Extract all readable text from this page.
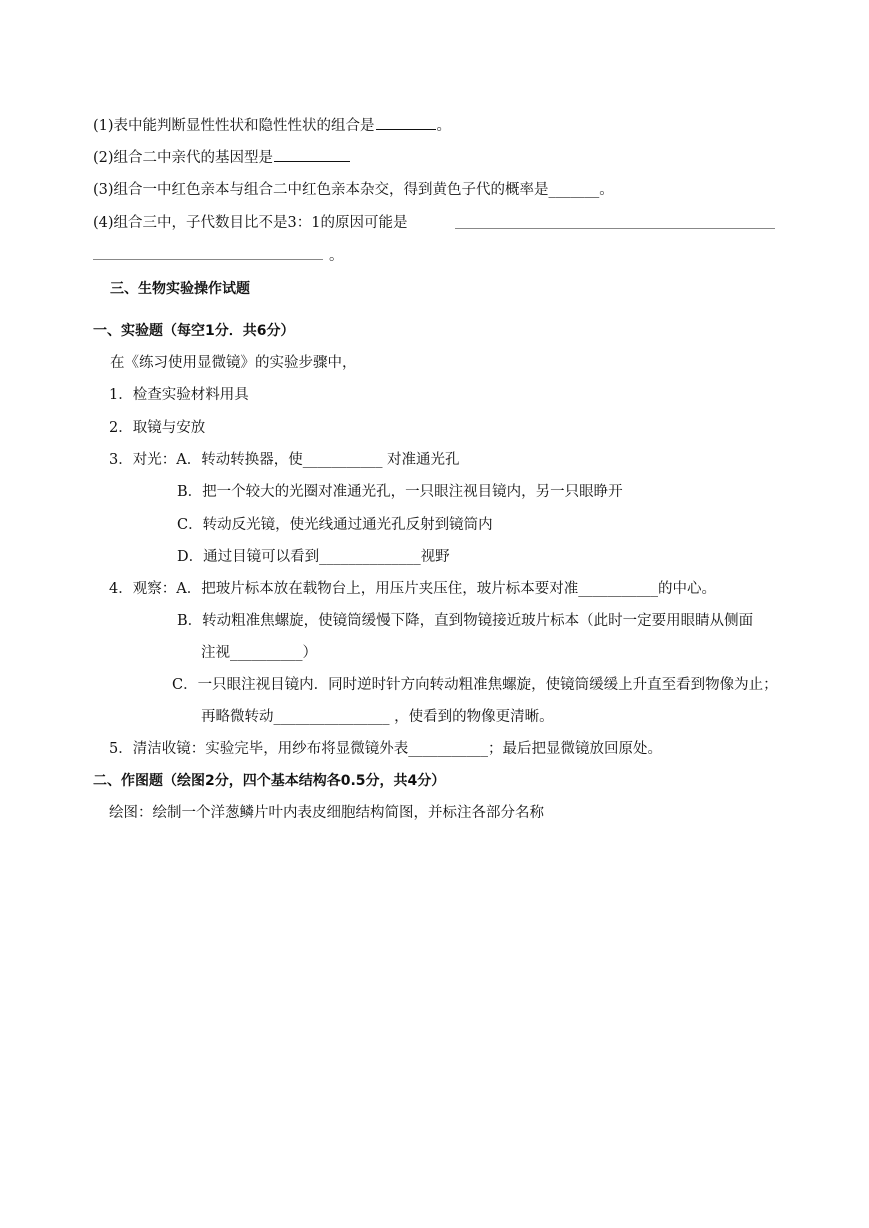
(1)表中能判断显性性状和隐性性状的组合是	。
(2)组合二中亲代的基因型是
(3)组合一中红色亲本与组合二中红色亲本杂交，得到黄色子代的概率是_______。
(4)组合三中，子代数目比不是3：1的原因可能是
。
三、生物实验操作试题
一、实验题（每空1分．共6分）
在《练习使用显微镜》的实验步骤中，
1．检查实验材料用具
2．取镜与安放
3．对光：A．转动转换器，使___________ 对准通光孔
B．把一个较大的光圈对准通光孔，一只眼注视目镜内，另一只眼睁开
C．转动反光镜，使光线通过通光孔反射到镜筒内
D．通过目镜可以看到______________视野
4．观察：A．把玻片标本放在载物台上，用压片夹压住，玻片标本要对准___________的中心。
B．转动粗准焦螺旋，使镜筒缓慢下降，直到物镜接近玻片标本（此时一定要用眼睛从侧面
注视__________）
C．一只眼注视目镜内．同时逆时针方向转动粗准焦螺旋，使镜筒缓缓上升直至看到物像为止；
再略微转动________________ ，使看到的物像更清晰。
5．清洁收镜：实验完毕，用纱布将显微镜外表___________；最后把显微镜放回原处。
二、作图题（绘图2分，四个基本结构各0.5分，共4分）
绘图：绘制一个洋葱鳞片叶内表皮细胞结构简图，并标注各部分名称
